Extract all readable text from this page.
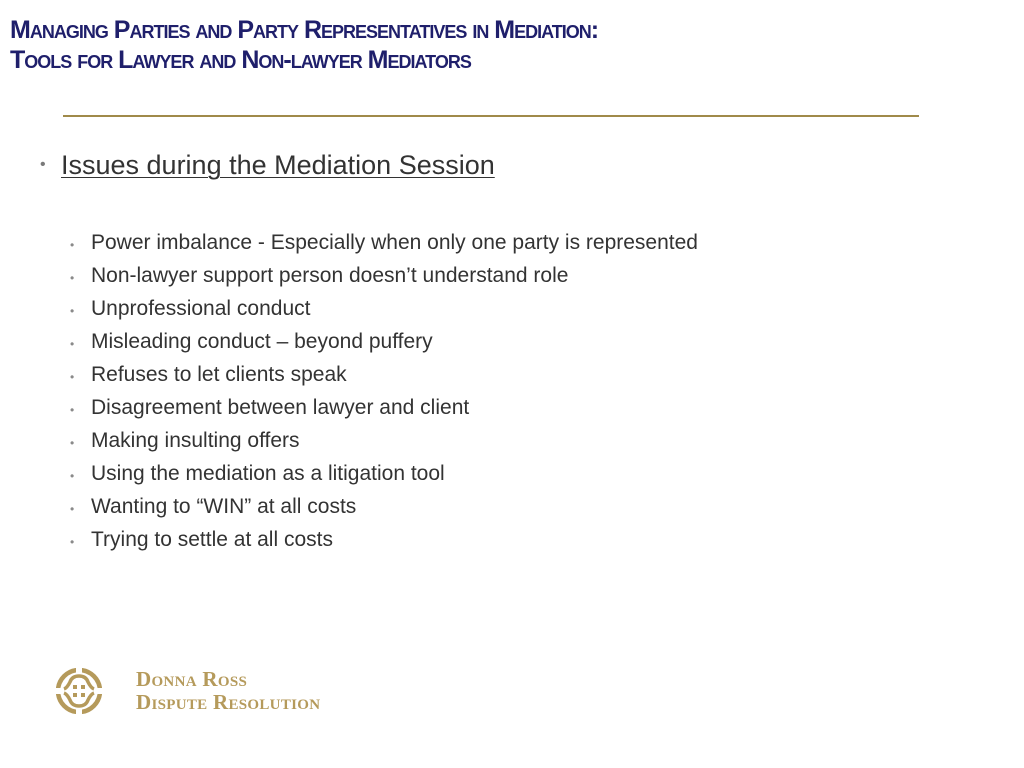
Managing Parties and Party Representatives in Mediation:
Tools for Lawyer and Non-lawyer Mediators
• Issues during the Mediation Session
• Power imbalance - Especially when only one party is represented
• Non-lawyer support person doesn’t understand role
• Unprofessional conduct
• Misleading conduct – beyond puffery
• Refuses to let clients speak
• Disagreement between lawyer and client
• Making insulting offers
• Using the mediation as a litigation tool
• Wanting to “WIN” at all costs
• Trying to settle at all costs
Donna Ross
Dispute Resolution
